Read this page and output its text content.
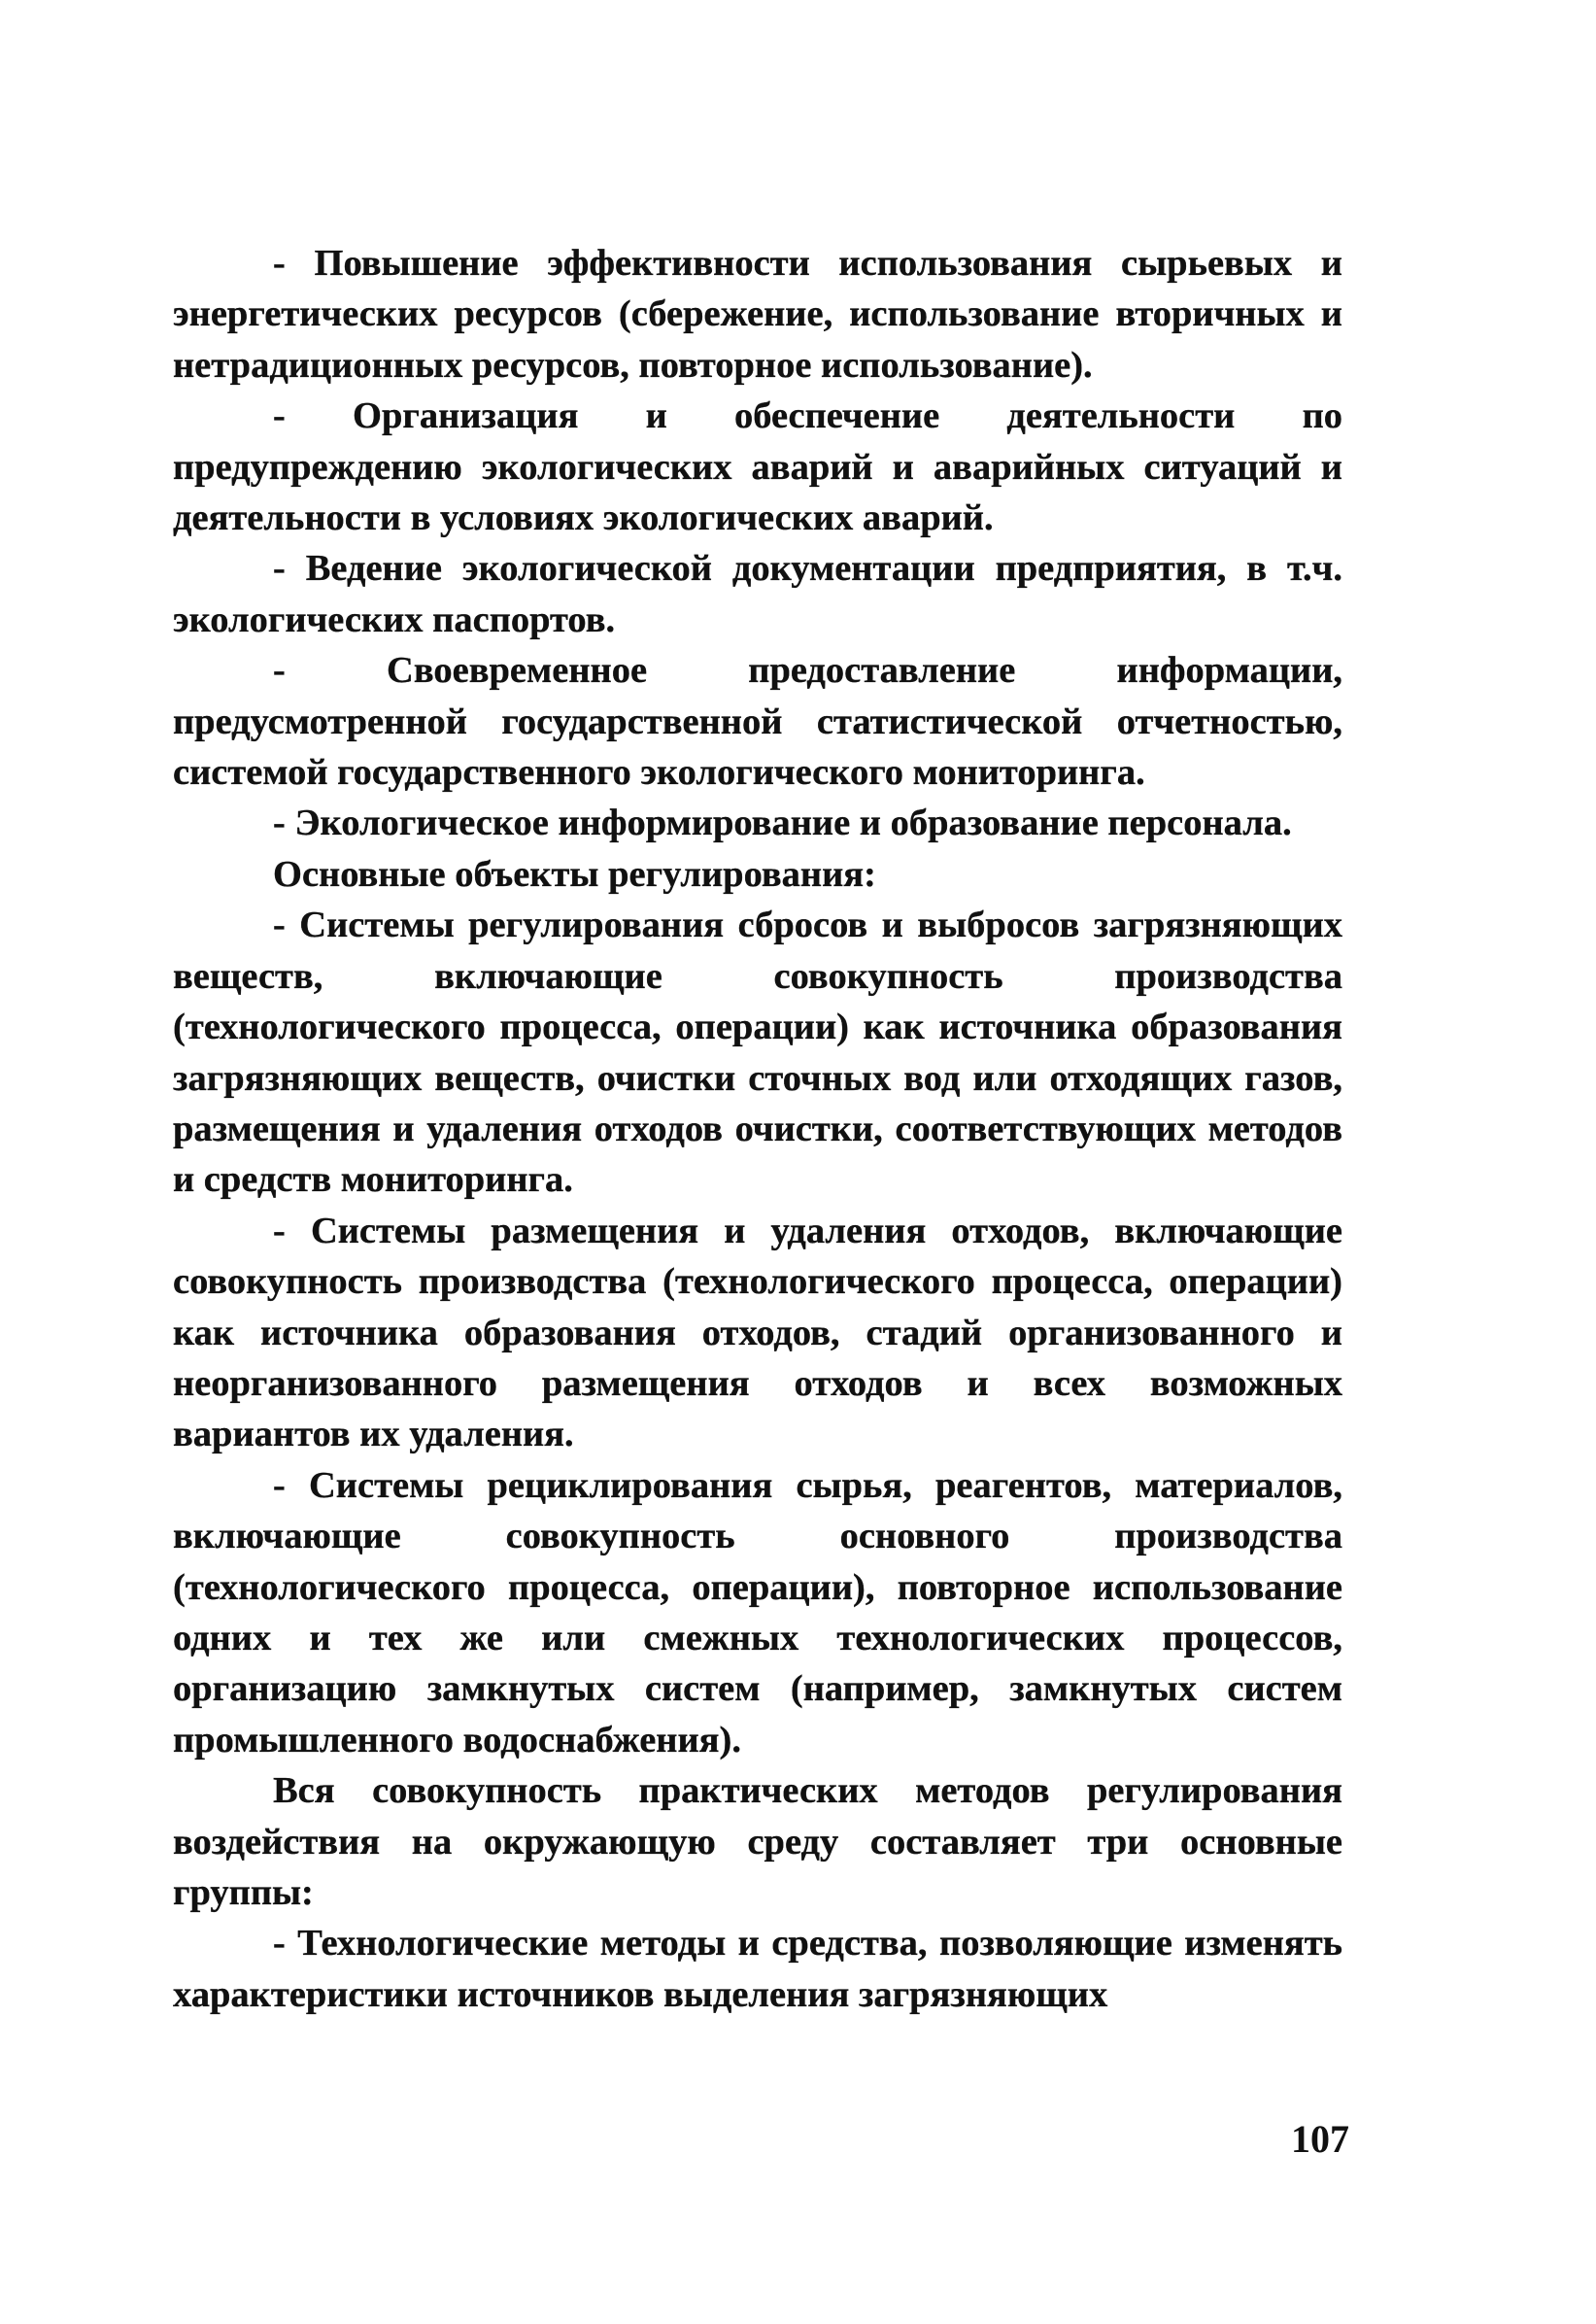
- Повышение эффективности использования сырьевых и энергетических ресурсов (сбережение, использование вторичных и нетрадиционных ресурсов, повторное использование).

- Организация и обеспечение деятельности по предупреждению экологических аварий и аварийных ситуаций и деятельности в условиях экологических аварий.

- Ведение экологической документации предприятия, в т.ч. экологических паспортов.

- Своевременное предоставление информации, предусмотренной государственной статистической отчетностью, системой государственного экологического мониторинга.

- Экологическое информирование и образование персонала.

Основные объекты регулирования:

- Системы регулирования сбросов и выбросов загрязняющих веществ, включающие совокупность производства (технологического процесса, операции) как источника образования загрязняющих веществ, очистки сточных вод или отходящих газов, размещения и удаления отходов очистки, соответствующих методов и средств мониторинга.

- Системы размещения и удаления отходов, включающие совокупность производства (технологического процесса, операции) как источника образования отходов, стадий организованного и неорганизованного размещения отходов и всех возможных вариантов их удаления.

- Системы рециклирования сырья, реагентов, материалов, включающие совокупность основного производства (технологического процесса, операции), повторное использование одних и тех же или смежных технологических процессов, организацию замкнутых систем (например, замкнутых систем промышленного водоснабжения).

Вся совокупность практических методов регулирования воздействия на окружающую среду составляет три основные группы:

- Технологические методы и средства, позволяющие изменять характеристики источников выделения загрязняющих

107
